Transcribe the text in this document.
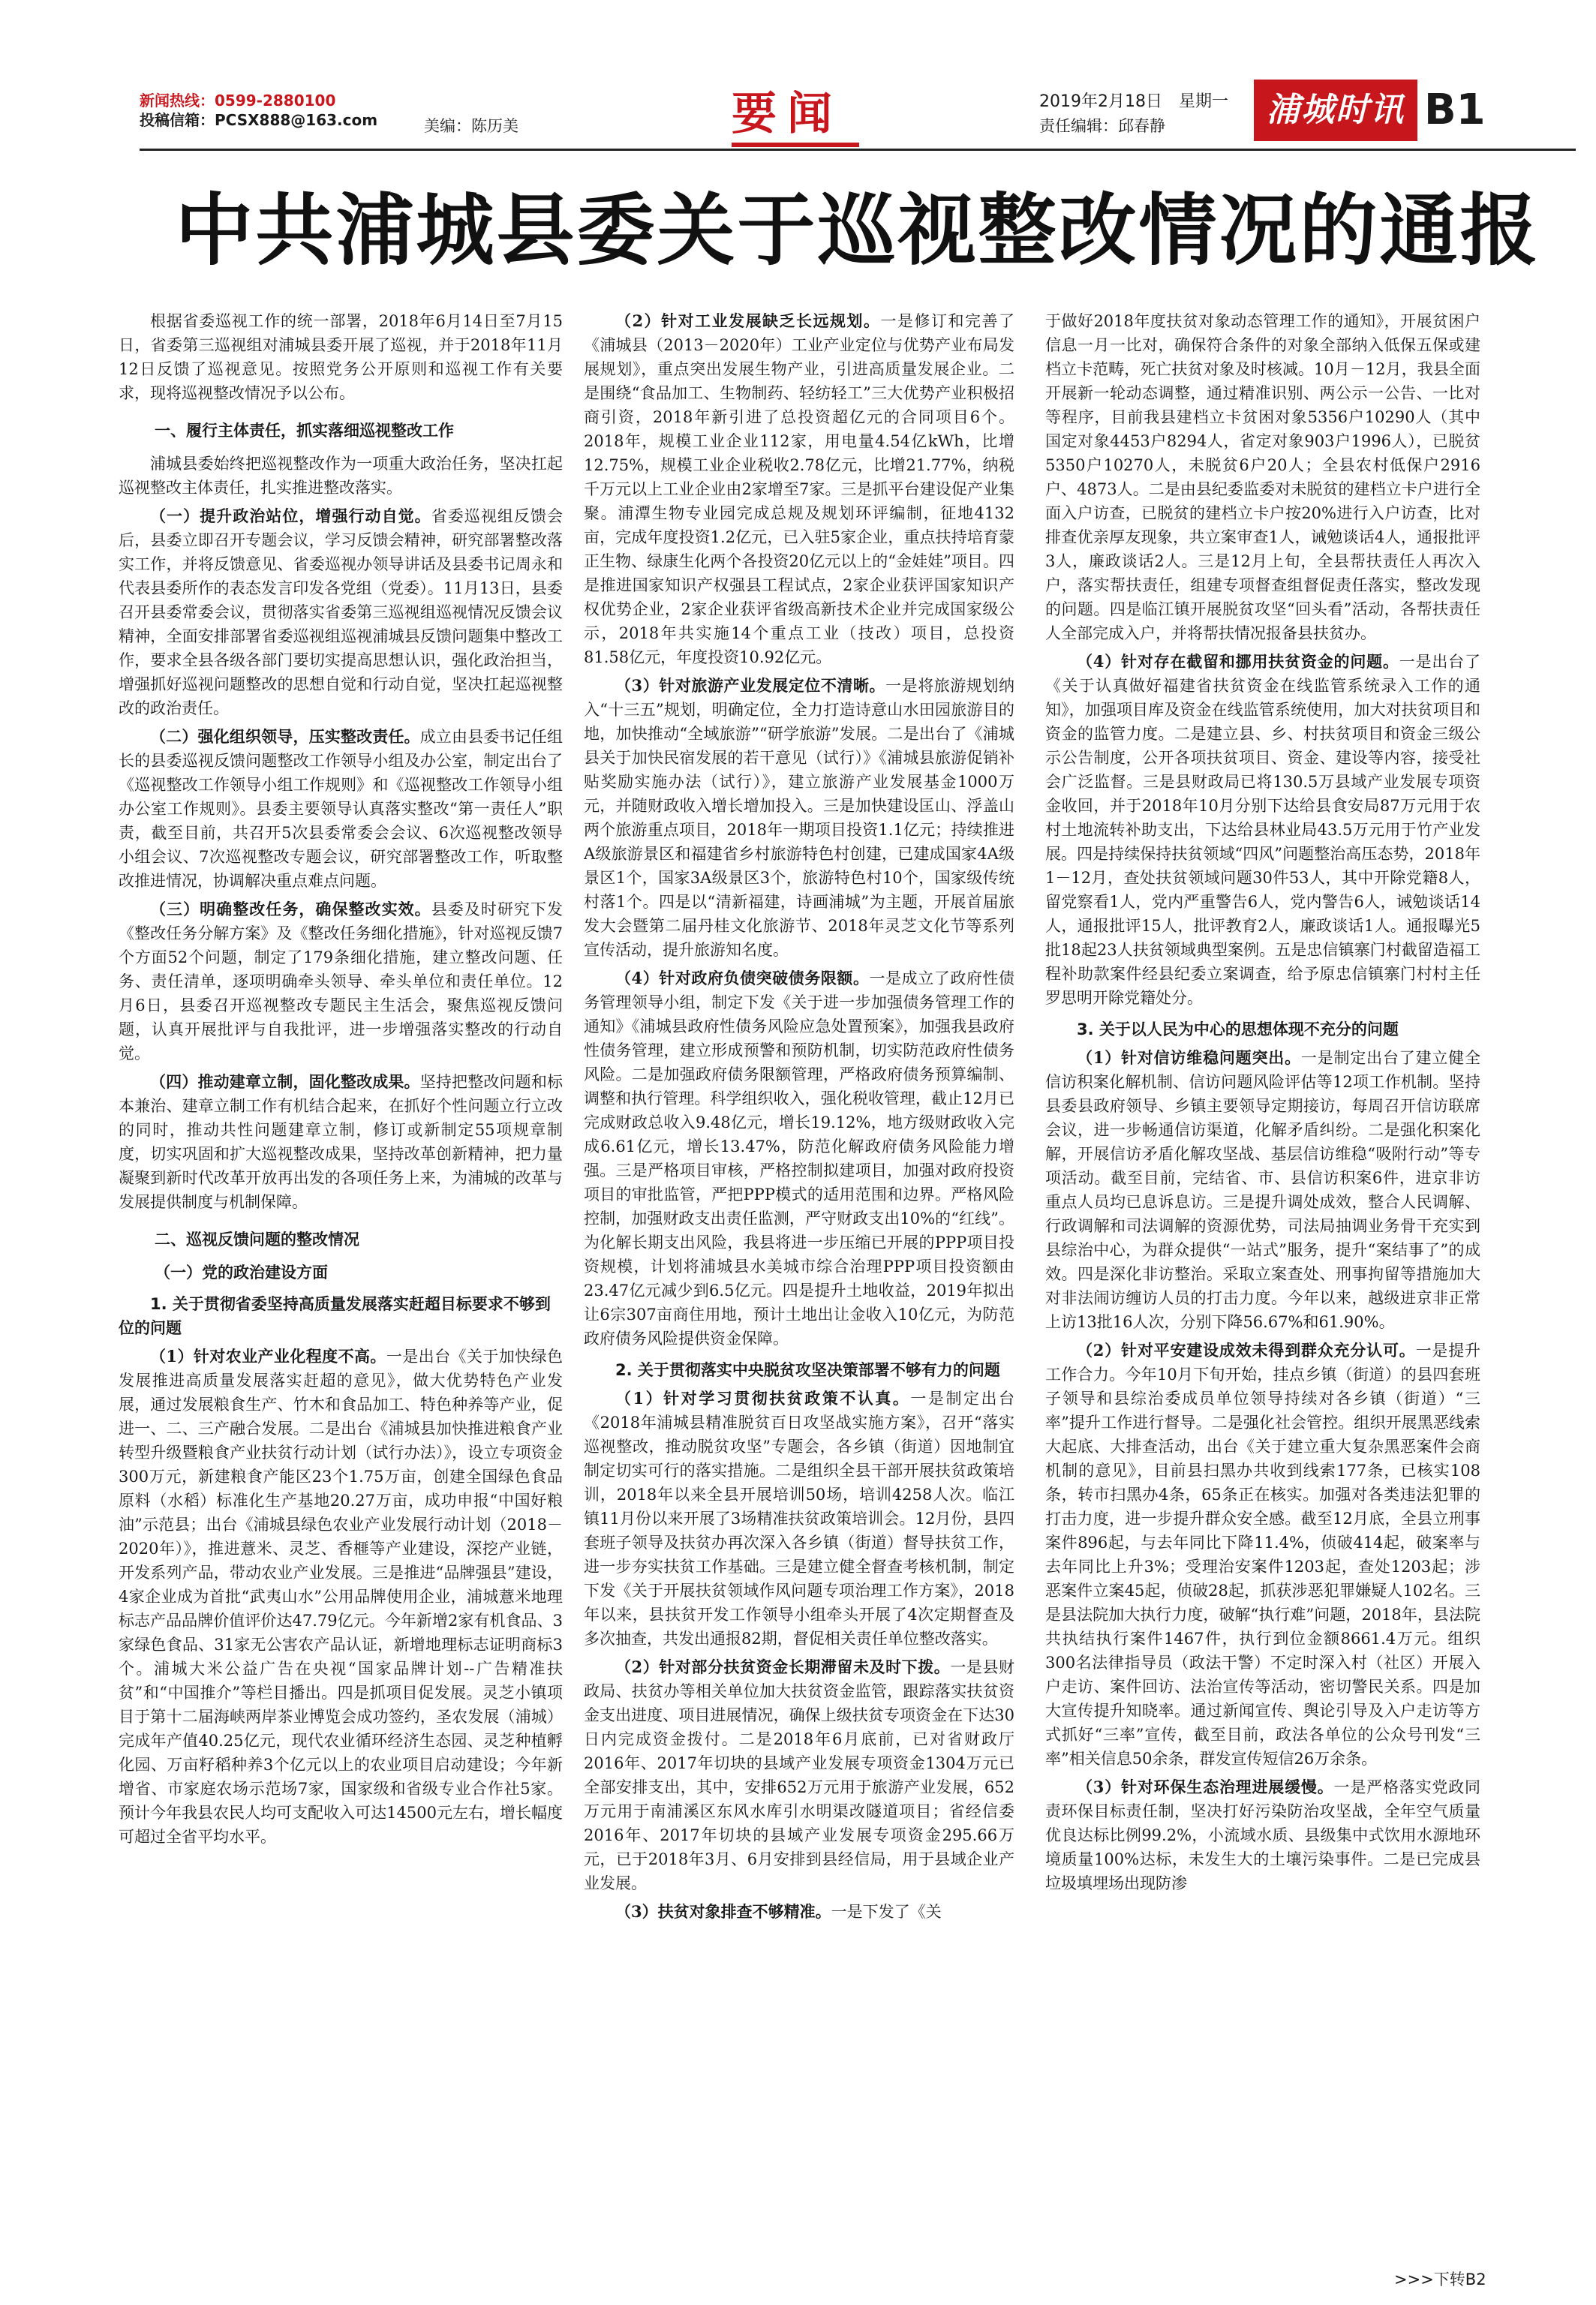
新闻热线：0599-2880100
投稿信箱：PCSX888@163.com	美编：陈历美	要闻	2019年2月18日　星期一
责任编辑：邱春静	浦城时讯 B1
中共浦城县委关于巡视整改情况的通报

根据省委巡视工作的统一部署，2018年6月14日至7月15日，省委第三巡视组对浦城县委开展了巡视，并于2018年11月12日反馈了巡视意见。按照党务公开原则和巡视工作有关要求，现将巡视整改情况予以公布。

一、履行主体责任，抓实落细巡视整改工作

浦城县委始终把巡视整改作为一项重大政治任务，坚决扛起巡视整改主体责任，扎实推进整改落实。

（一）提升政治站位，增强行动自觉。省委巡视组反馈会后，县委立即召开专题会议，学习反馈会精神，研究部署整改落实工作，并将反馈意见、省委巡视办领导讲话及县委书记周永和代表县委所作的表态发言印发各党组（党委）。11月13日，县委召开县委常委会议，贯彻落实省委第三巡视组巡视情况反馈会议精神，全面安排部署省委巡视组巡视浦城县反馈问题集中整改工作，要求全县各级各部门要切实提高思想认识，强化政治担当，增强抓好巡视问题整改的思想自觉和行动自觉，坚决扛起巡视整改的政治责任。

（二）强化组织领导，压实整改责任。成立由县委书记任组长的县委巡视反馈问题整改工作领导小组及办公室，制定出台了《巡视整改工作领导小组工作规则》和《巡视整改工作领导小组办公室工作规则》。县委主要领导认真落实整改“第一责任人”职责，截至目前，共召开5次县委常委会会议、6次巡视整改领导小组会议、7次巡视整改专题会议，研究部署整改工作，听取整改推进情况，协调解决重点难点问题。

（三）明确整改任务，确保整改实效。县委及时研究下发《整改任务分解方案》及《整改任务细化措施》，针对巡视反馈7个方面52个问题，制定了179条细化措施，建立整改问题、任务、责任清单，逐项明确牵头领导、牵头单位和责任单位。12月6日，县委召开巡视整改专题民主生活会，聚焦巡视反馈问题，认真开展批评与自我批评，进一步增强落实整改的行动自觉。

（四）推动建章立制，固化整改成果。坚持把整改问题和标本兼治、建章立制工作有机结合起来，在抓好个性问题立行立改的同时，推动共性问题建章立制，修订或新制定55项规章制度，切实巩固和扩大巡视整改成果，坚持改革创新精神，把力量凝聚到新时代改革开放再出发的各项任务上来，为浦城的改革与发展提供制度与机制保障。

二、巡视反馈问题的整改情况
（一）党的政治建设方面
1. 关于贯彻省委坚持高质量发展落实赶超目标要求不够到位的问题

（1）针对农业产业化程度不高。一是出台《关于加快绿色发展推进高质量发展落实赶超的意见》，做大优势特色产业发展，通过发展粮食生产、竹木和食品加工、特色种养等产业，促进一、二、三产融合发展。二是出台《浦城县加快推进粮食产业转型升级暨粮食产业扶贫行动计划（试行办法）》，设立专项资金300万元，新建粮食产能区23个1.75万亩，创建全国绿色食品原料（水稻）标准化生产基地20.27万亩，成功申报“中国好粮油”示范县；出台《浦城县绿色农业产业发展行动计划（2018－2020年）》，推进薏米、灵芝、香榧等产业建设，深挖产业链，开发系列产品，带动农业产业发展。三是推进“品牌强县”建设，4家企业成为首批“武夷山水”公用品牌使用企业，浦城薏米地理标志产品品牌价值评价达47.79亿元。今年新增2家有机食品、3家绿色食品、31家无公害农产品认证，新增地理标志证明商标3个。浦城大米公益广告在央视“国家品牌计划--广告精准扶贫”和“中国推介”等栏目播出。四是抓项目促发展。灵芝小镇项目于第十二届海峡两岸茶业博览会成功签约，圣农发展（浦城）完成年产值40.25亿元，现代农业循环经济生态园、灵芝种植孵化园、万亩籽稻种养3个亿元以上的农业项目启动建设；今年新增省、市家庭农场示范场7家，国家级和省级专业合作社5家。预计今年我县农民人均可支配收入可达14500元左右，增长幅度可超过全省平均水平。

（2）针对工业发展缺乏长远规划。一是修订和完善了《浦城县（2013－2020年）工业产业定位与优势产业布局发展规划》，重点突出发展生物产业，引进高质量发展企业。二是围绕“食品加工、生物制药、轻纺轻工”三大优势产业积极招商引资，2018年新引进了总投资超亿元的合同项目6个。2018年，规模工业企业112家，用电量4.54亿kWh，比增12.75%，规模工业企业税收2.78亿元，比增21.77%，纳税千万元以上工业企业由2家增至7家。三是抓平台建设促产业集聚。浦潭生物专业园完成总规及规划环评编制，征地4132亩，完成年度投资1.2亿元，已入驻5家企业，重点扶持培育蒙正生物、绿康生化两个各投资20亿元以上的“金娃娃”项目。四是推进国家知识产权强县工程试点，2家企业获评国家知识产权优势企业，2家企业获评省级高新技术企业并完成国家级公示，2018年共实施14个重点工业（技改）项目，总投资81.58亿元，年度投资10.92亿元。

（3）针对旅游产业发展定位不清晰。一是将旅游规划纳入“十三五”规划，明确定位，全力打造诗意山水田园旅游目的地，加快推动“全域旅游”“研学旅游”发展。二是出台了《浦城县关于加快民宿发展的若干意见（试行）》《浦城县旅游促销补贴奖励实施办法（试行）》，建立旅游产业发展基金1000万元，并随财政收入增长增加投入。三是加快建设匡山、浮盖山两个旅游重点项目，2018年一期项目投资1.1亿元；持续推进A级旅游景区和福建省乡村旅游特色村创建，已建成国家4A级景区1个，国家3A级景区3个，旅游特色村10个，国家级传统村落1个。四是以“清新福建，诗画浦城”为主题，开展首届旅发大会暨第二届丹桂文化旅游节、2018年灵芝文化节等系列宣传活动，提升旅游知名度。

（4）针对政府负债突破债务限额。一是成立了政府性债务管理领导小组，制定下发《关于进一步加强债务管理工作的通知》《浦城县政府性债务风险应急处置预案》，加强我县政府性债务管理，建立形成预警和预防机制，切实防范政府性债务风险。二是加强政府债务限额管理，严格政府债务预算编制、调整和执行管理。科学组织收入，强化税收管理，截止12月已完成财政总收入9.48亿元，增长19.12%，地方级财政收入完成6.61亿元，增长13.47%，防范化解政府债务风险能力增强。三是严格项目审核，严格控制拟建项目，加强对政府投资项目的审批监管，严把PPP模式的适用范围和边界。严格风险控制，加强财政支出责任监测，严守财政支出10%的“红线”。为化解长期支出风险，我县将进一步压缩已开展的PPP项目投资规模，计划将浦城县水美城市综合治理PPP项目投资额由23.47亿元减少到6.5亿元。四是提升土地收益，2019年拟出让6宗307亩商住用地，预计土地出让金收入10亿元，为防范政府债务风险提供资金保障。

2. 关于贯彻落实中央脱贫攻坚决策部署不够有力的问题

（1）针对学习贯彻扶贫政策不认真。一是制定出台《2018年浦城县精准脱贫百日攻坚战实施方案》，召开“落实巡视整改，推动脱贫攻坚”专题会，各乡镇（街道）因地制宜制定切实可行的落实措施。二是组织全县干部开展扶贫政策培训，2018年以来全县开展培训50场，培训4258人次。临江镇11月份以来开展了3场精准扶贫政策培训会。12月份，县四套班子领导及扶贫办再次深入各乡镇（街道）督导扶贫工作，进一步夯实扶贫工作基础。三是建立健全督查考核机制，制定下发《关于开展扶贫领域作风问题专项治理工作方案》，2018年以来，县扶贫开发工作领导小组牵头开展了4次定期督查及多次抽查，共发出通报82期，督促相关责任单位整改落实。

（2）针对部分扶贫资金长期滞留未及时下拨。一是县财政局、扶贫办等相关单位加大扶贫资金监管，跟踪落实扶贫资金支出进度、项目进展情况，确保上级扶贫专项资金在下达30日内完成资金拨付。二是2018年6月底前，已对省财政厅2016年、2017年切块的县域产业发展专项资金1304万元已全部安排支出，其中，安排652万元用于旅游产业发展，652万元用于南浦溪区东风水库引水明渠改隧道项目；省经信委2016年、2017年切块的县域产业发展专项资金295.66万元，已于2018年3月、6月安排到县经信局，用于县域企业产业发展。

（3）扶贫对象排查不够精准。一是下发了《关

于做好2018年度扶贫对象动态管理工作的通知》，开展贫困户信息一月一比对，确保符合条件的对象全部纳入低保五保或建档立卡范畴，死亡扶贫对象及时核减。10月－12月，我县全面开展新一轮动态调整，通过精准识别、两公示一公告、一比对等程序，目前我县建档立卡贫困对象5356户10290人（其中国定对象4453户8294人，省定对象903户1996人），已脱贫5350户10270人，未脱贫6户20人；全县农村低保户2916户、4873人。二是由县纪委监委对未脱贫的建档立卡户进行全面入户访查，已脱贫的建档立卡户按20%进行入户访查，比对排查优亲厚友现象，共立案审查1人，诫勉谈话4人，通报批评3人，廉政谈话2人。三是12月上旬，全县帮扶责任人再次入户，落实帮扶责任，组建专项督查组督促责任落实，整改发现的问题。四是临江镇开展脱贫攻坚“回头看”活动，各帮扶责任人全部完成入户，并将帮扶情况报备县扶贫办。

（4）针对存在截留和挪用扶贫资金的问题。一是出台了《关于认真做好福建省扶贫资金在线监管系统录入工作的通知》，加强项目库及资金在线监管系统使用，加大对扶贫项目和资金的监管力度。二是建立县、乡、村扶贫项目和资金三级公示公告制度，公开各项扶贫项目、资金、建设等内容，接受社会广泛监督。三是县财政局已将130.5万县域产业发展专项资金收回，并于2018年10月分别下达给县食安局87万元用于农村土地流转补助支出，下达给县林业局43.5万元用于竹产业发展。四是持续保持扶贫领域“四风”问题整治高压态势，2018年1－12月，查处扶贫领域问题30件53人，其中开除党籍8人，留党察看1人，党内严重警告6人，党内警告6人，诫勉谈话14人，通报批评15人，批评教育2人，廉政谈话1人。通报曝光5批18起23人扶贫领域典型案例。五是忠信镇寨门村截留造福工程补助款案件经县纪委立案调查，给予原忠信镇寨门村村主任罗思明开除党籍处分。

3. 关于以人民为中心的思想体现不充分的问题

（1）针对信访维稳问题突出。一是制定出台了建立健全信访积案化解机制、信访问题风险评估等12项工作机制。坚持县委县政府领导、乡镇主要领导定期接访，每周召开信访联席会议，进一步畅通信访渠道，化解矛盾纠纷。二是强化积案化解，开展信访矛盾化解攻坚战、基层信访维稳“吸附行动”等专项活动。截至目前，完结省、市、县信访积案6件，进京非访重点人员均已息诉息访。三是提升调处成效，整合人民调解、行政调解和司法调解的资源优势，司法局抽调业务骨干充实到县综治中心，为群众提供“一站式”服务，提升“案结事了”的成效。四是深化非访整治。采取立案查处、刑事拘留等措施加大对非法闹访缠访人员的打击力度。今年以来，越级进京非正常上访13批16人次，分别下降56.67%和61.90%。

（2）针对平安建设成效未得到群众充分认可。一是提升工作合力。今年10月下旬开始，挂点乡镇（街道）的县四套班子领导和县综治委成员单位领导持续对各乡镇（街道）“三率”提升工作进行督导。二是强化社会管控。组织开展黑恶线索大起底、大排查活动，出台《关于建立重大复杂黑恶案件会商机制的意见》，目前县扫黑办共收到线索177条，已核实108条，转市扫黑办4条，65条正在核实。加强对各类违法犯罪的打击力度，进一步提升群众安全感。截至12月底，全县立刑事案件896起，与去年同比下降11.4%，侦破414起，破案率与去年同比上升3%；受理治安案件1203起，查处1203起；涉恶案件立案45起，侦破28起，抓获涉恶犯罪嫌疑人102名。三是县法院加大执行力度，破解“执行难”问题，2018年，县法院共执结执行案件1467件，执行到位金额8661.4万元。组织300名法律指导员（政法干警）不定时深入村（社区）开展入户走访、案件回访、法治宣传等活动，密切警民关系。四是加大宣传提升知晓率。通过新闻宣传、舆论引导及入户走访等方式抓好“三率”宣传，截至目前，政法各单位的公众号刊发“三率”相关信息50余条，群发宣传短信26万余条。

（3）针对环保生态治理进展缓慢。一是严格落实党政同责环保目标责任制，坚决打好污染防治攻坚战，全年空气质量优良达标比例99.2%，小流域水质、县级集中式饮用水源地环境质量100%达标，未发生大的土壤污染事件。二是已完成县垃圾填埋场出现防渗

>>>下转B2
